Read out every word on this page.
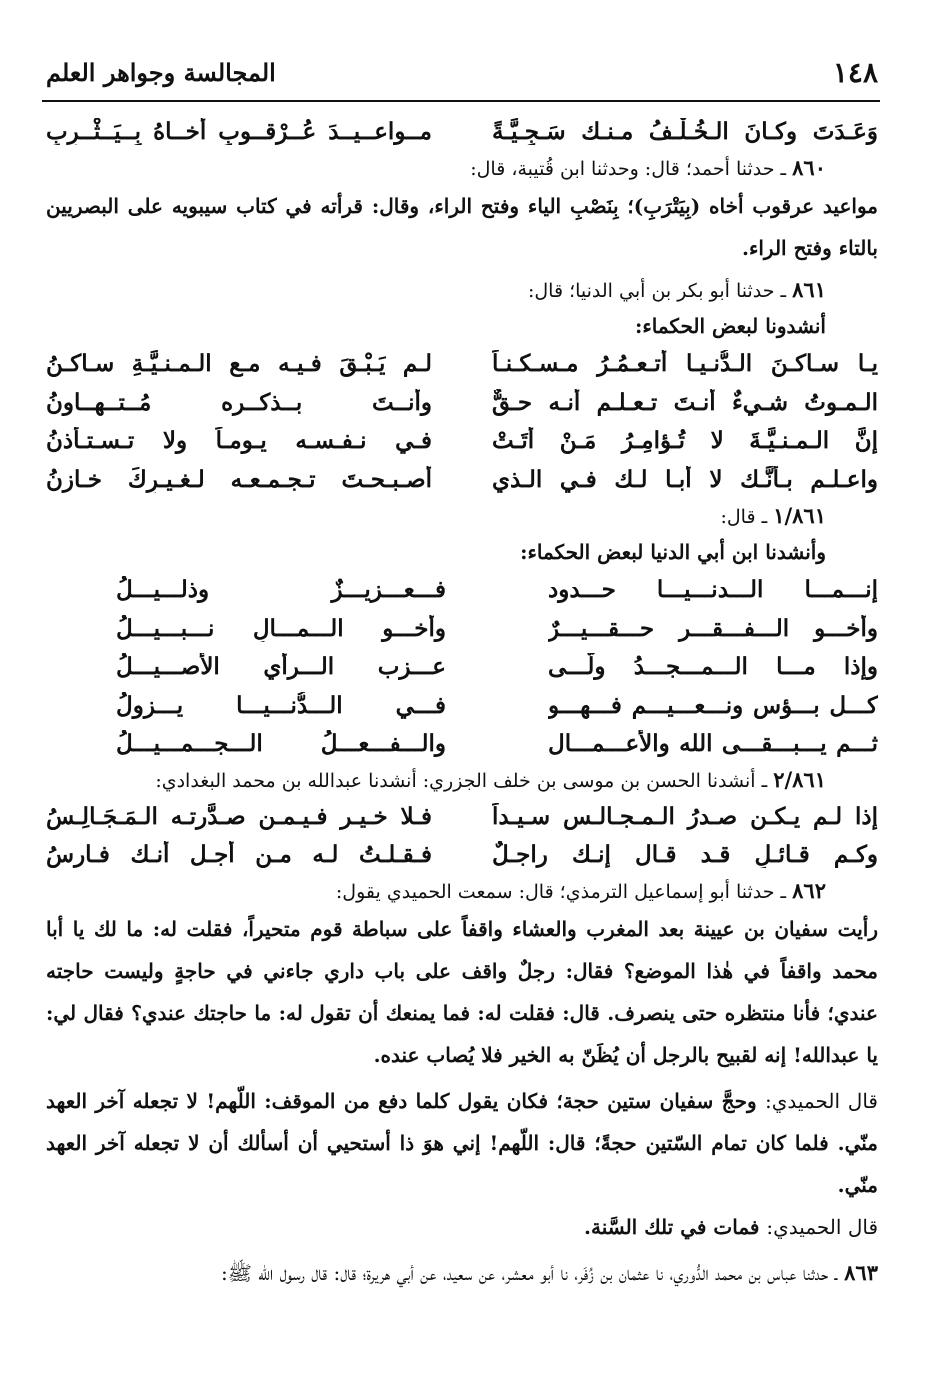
١٤٨
المجالسة وجواهر العلم
وَعَـدَتَ وكـانَ الـخُـلْـفُ مـنـك سَـجِـيَّـةً
مــواعــيــدَ عُــرْقــوبٍ أخــاهُ بِــيَــثْــرِبِ
٨٦٠ ـ حدثنا أحمد؛ قال: وحدثنا ابن قُتيبة، قال:
مواعيد عرقوب أخاه (بِيَتْرَبِ)؛ بِنَصْبِ الياء وفتح الراء، وقال: قرأته في كتاب سيبويه على البصريين بالتاء وفتح الراء.
٨٦١ ـ حدثنا أبو بكر بن أبي الدنيا؛ قال:
أنشدونا لبعض الحكماء:
يـا سـاكـنَ الـدُّنـيـا أتـعـمُـرُ مـسـكـنـاً
لـم يَـبْـقَ فـيـه مـع الـمـنـيَّـةِ سـاكـنُ
الـمـوتُ شـيءٌ أنـتَ تـعـلـم أنـه حـقٌّ
وأنــتَ بــذكــره مُــتــهــاونُ
إنَّ الـمـنـيَّـةَ لا تُـؤامِـرُ مَـنْ أتَـتْ
فـي نـفـسـه يـومـاً ولا تـسـتـأذنُ
واعـلـم بـأنَّـك لا أبـا لـك فـي الـذي
أصـبـحـتَ تـجـمـعـه لـغـيـرِكَ خـازنُ
١/٨٦١ ـ قال:
وأنشدنا ابن أبي الدنيا لبعض الحكماء:
إنـــمـــا الـــدنـــيـــا حـــدود
فـــعـــزيـــزٌ وذلـــيـــلُ
وأخـــو الـــفـــقـــر حـــقـــيـــرٌ
وأخـــو الـــمـــالِ نـــبـــيـــلُ
وإذا مـــا الـــمـــجـــدُ ولّـــى
عـــزب الـــرأي الأصـــيـــلُ
كـــل بـــؤس ونـــعـــيـــم فـــهـــو
فـــي الـــدُّنـــيـــا يـــزولُ
ثـــم يـــبـــقـــى الله والأعـــمـــال
والـــفـــعـــلُ الـــجـــمـــيـــلُ
٢/٨٦١ ـ أنشدنا الحسن بن موسى بن خلف الجزري: أنشدنا عبدالله بن محمد البغدادي:
إذا لـم يـكـن صـدرُ الـمـجـالـسِ سـيـداً
فـلا خـيـر فـيـمـن صـدَّرتـه الـمَـجَـالِـسُ
وكـم قـائـلٍ قـد قـال إنـك راجـلٌ
فـقـلـتُ لـه مـن أجـل أنـك فـارسُ
٨٦٢ ـ حدثنا أبو إسماعيل الترمذي؛ قال: سمعت الحميدي يقول:
رأيت سفيان بن عيينة بعد المغرب والعشاء واقفاً على سباطة قوم متحيراً، فقلت له: ما لك يا أبا محمد واقفاً في هٰذا الموضع؟ فقال: رجلٌ واقف على باب داري جاءني في حاجةٍ وليست حاجته عندي؛ فأنا منتظره حتى ينصرف. قال: فقلت له: فما يمنعك أن تقول له: ما حاجتك عندي؟ فقال لي: يا عبدالله! إنه لقبيح بالرجل أن يُظَنّ به الخير فلا يُصاب عنده.
قال الحميدي: وحجَّ سفيان ستين حجة؛ فكان يقول كلما دفع من الموقف: اللّهم! لا تجعله آخر العهد منّي. فلما كان تمام السّتين حجةً؛ قال: اللّهم! إني هوَ ذا أستحيي أن أسألك أن لا تجعله آخر العهد منّي.
قال الحميدي: فمات في تلك السَّنة.
٨٦٣ ـ حدثنا عباس بن محمد الدُّوري، نا عثمان بن زُفَر، نا أبو معشر، عن سعيد، عن أبي هريرة؛ قال: قال رسول الله ﷺ:
